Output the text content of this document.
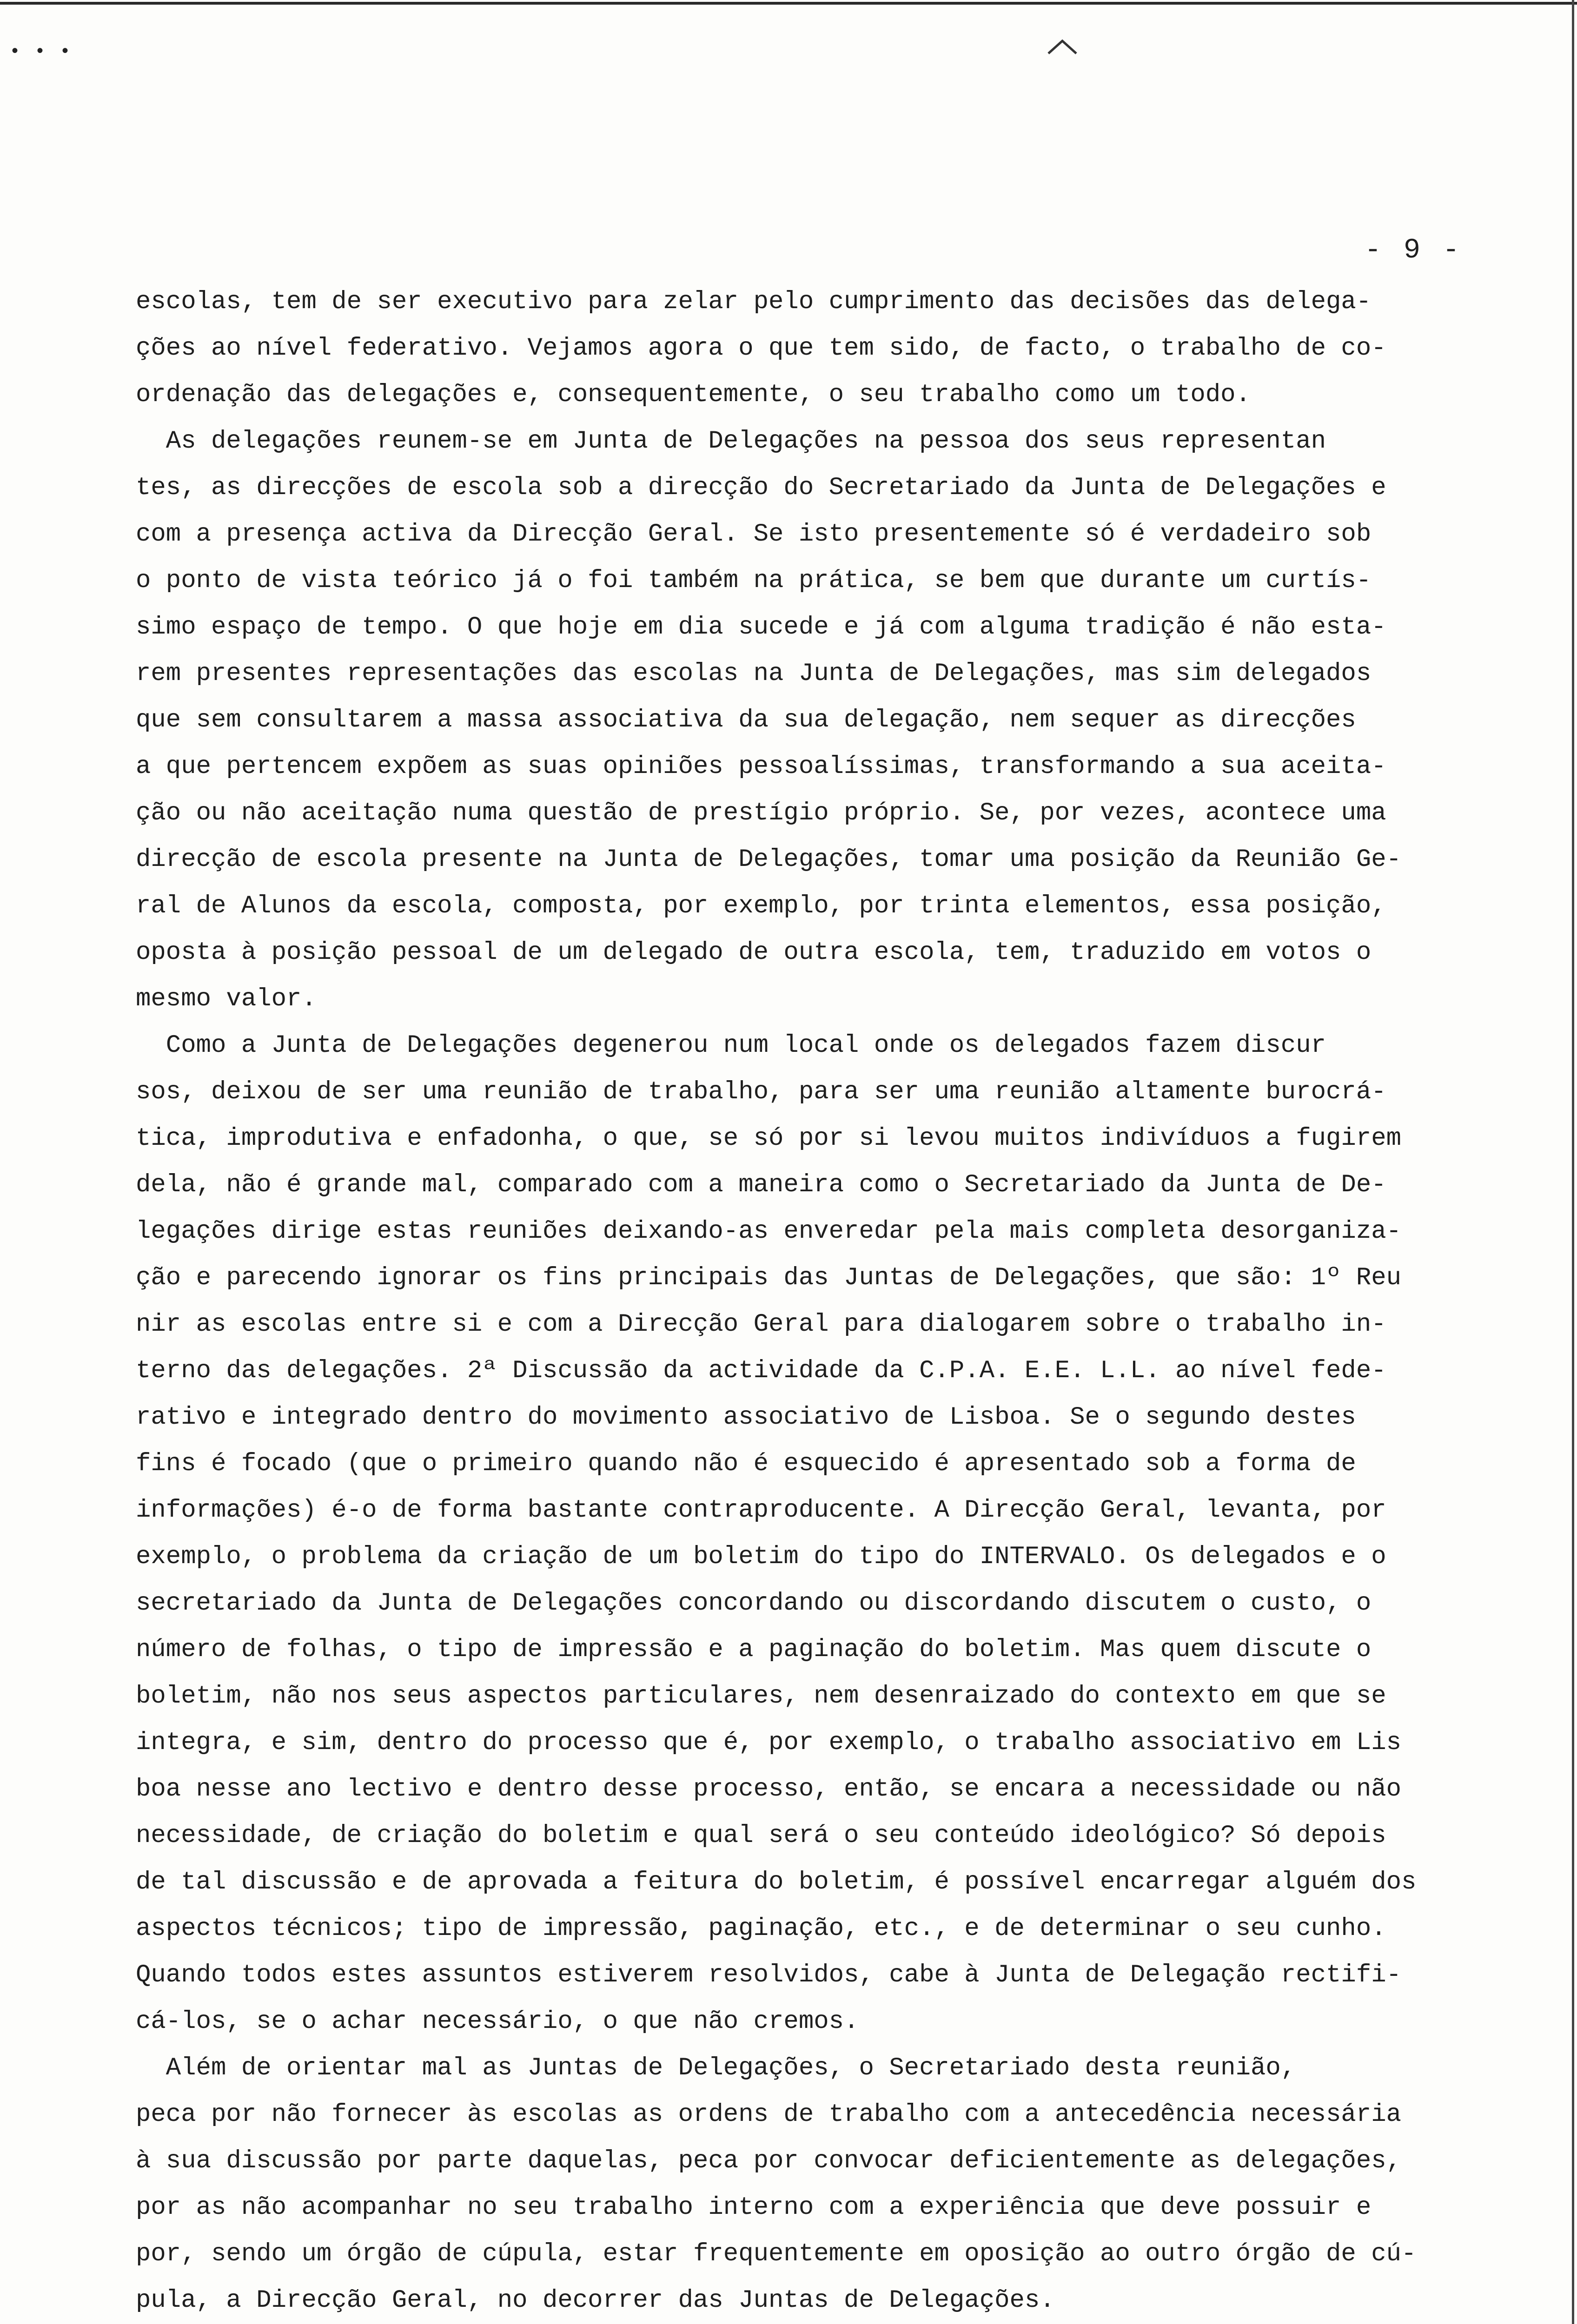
•••
- 9 -
escolas, tem de ser executivo para zelar pelo cumprimento das decisões das delega-
ções ao nível federativo. Vejamos agora o que tem sido, de facto, o trabalho de co-
ordenação das delegações e, consequentemente, o seu trabalho como um todo.
As delegações reunem-se em Junta de Delegações na pessoa dos seus representan
tes, as direcções de escola sob a direcção do Secretariado da Junta de Delegações e
com a presença activa da Direcção Geral. Se isto presentemente só é verdadeiro sob
o ponto de vista teórico já o foi também na prática, se bem que durante um curtís-
simo espaço de tempo. O que hoje em dia sucede e já com alguma tradição é não esta-
rem presentes representações das escolas na Junta de Delegações, mas sim delegados
que sem consultarem a massa associativa da sua delegação, nem sequer as direcções
a que pertencem expõem as suas opiniões pessoalíssimas, transformando a sua aceita-
ção ou não aceitação numa questão de prestígio próprio. Se, por vezes, acontece uma
direcção de escola presente na Junta de Delegações, tomar uma posição da Reunião Ge-
ral de Alunos da escola, composta, por exemplo, por trinta elementos, essa posição,
oposta à posição pessoal de um delegado de outra escola, tem, traduzido em votos o
mesmo valor.
Como a Junta de Delegações degenerou num local onde os delegados fazem discur
sos, deixou de ser uma reunião de trabalho, para ser uma reunião altamente burocrá-
tica, improdutiva e enfadonha, o que, se só por si levou muitos indivíduos a fugirem
dela, não é grande mal, comparado com a maneira como o Secretariado da Junta de De-
legações dirige estas reuniões deixando-as enveredar pela mais completa desorganiza-
ção e parecendo ignorar os fins principais das Juntas de Delegações, que são: 1º Reu
nir as escolas entre si e com a Direcção Geral para dialogarem sobre o trabalho in-
terno das delegações. 2ª Discussão da actividade da C.P.A. E.E. L.L. ao nível fede-
rativo e integrado dentro do movimento associativo de Lisboa. Se o segundo destes
fins é focado (que o primeiro quando não é esquecido é apresentado sob a forma de
informações) é-o de forma bastante contraproducente. A Direcção Geral, levanta, por
exemplo, o problema da criação de um boletim do tipo do INTERVALO. Os delegados e o
secretariado da Junta de Delegações concordando ou discordando discutem o custo, o
número de folhas, o tipo de impressão e a paginação do boletim. Mas quem discute o
boletim, não nos seus aspectos particulares, nem desenraizado do contexto em que se
integra, e sim, dentro do processo que é, por exemplo, o trabalho associativo em Lis
boa nesse ano lectivo e dentro desse processo, então, se encara a necessidade ou não
necessidade, de criação do boletim e qual será o seu conteúdo ideológico? Só depois
de tal discussão e de aprovada a feitura do boletim, é possível encarregar alguém dos
aspectos técnicos; tipo de impressão, paginação, etc., e de determinar o seu cunho.
Quando todos estes assuntos estiverem resolvidos, cabe à Junta de Delegação rectifi-
cá-los, se o achar necessário, o que não cremos.
Além de orientar mal as Juntas de Delegações, o Secretariado desta reunião,
peca por não fornecer às escolas as ordens de trabalho com a antecedência necessária
à sua discussão por parte daquelas, peca por convocar deficientemente as delegações,
por as não acompanhar no seu trabalho interno com a experiência que deve possuir e
por, sendo um órgão de cúpula, estar frequentemente em oposição ao outro órgão de cú-
pula, a Direcção Geral, no decorrer das Juntas de Delegações.
